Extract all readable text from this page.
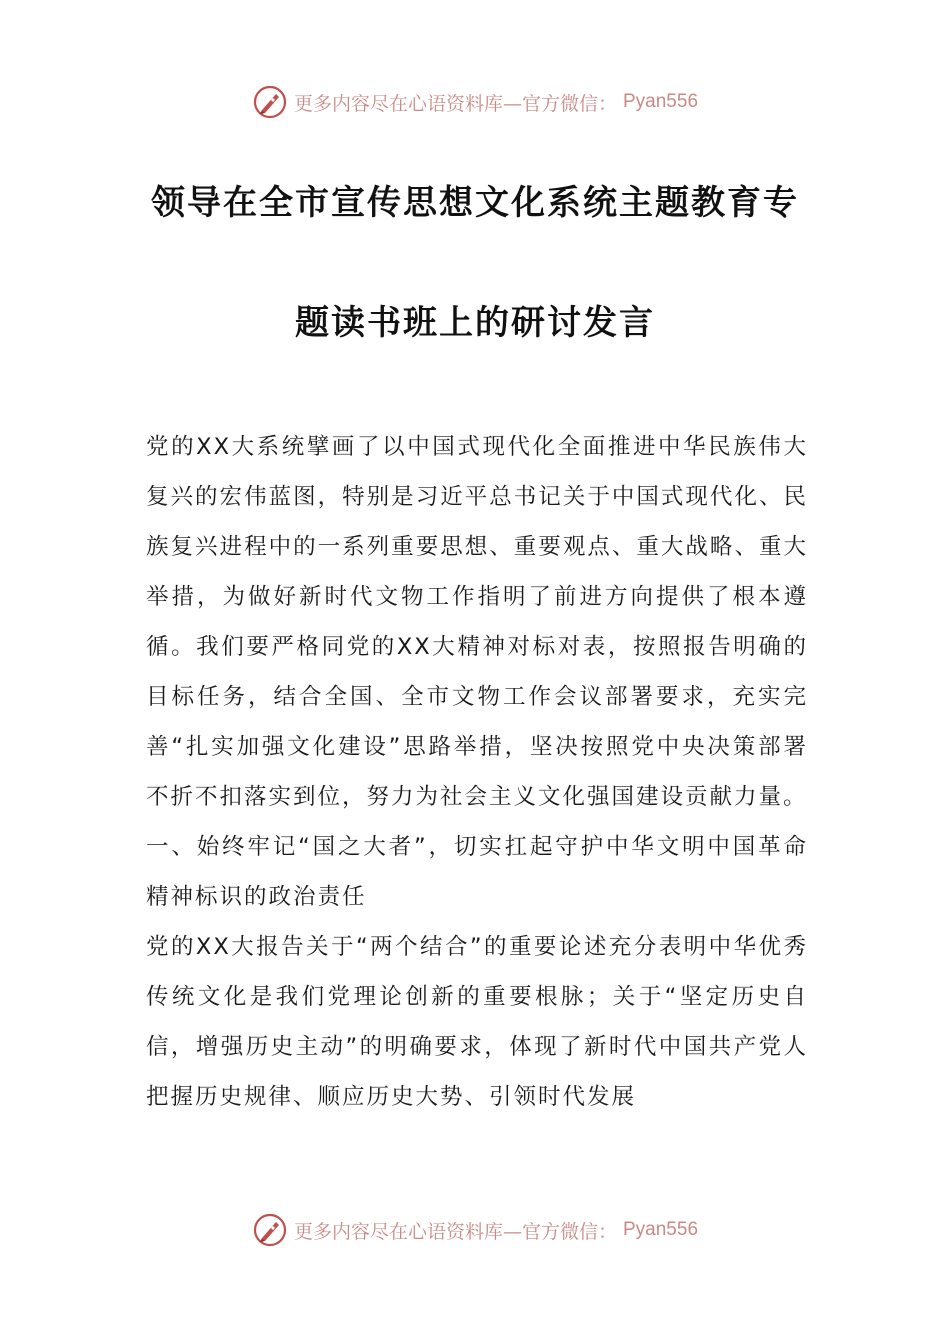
更多内容尽在心语资料库—官方微信： Pyan556
领导在全市宣传思想文化系统主题教育专
题读书班上的研讨发言

党的XX大系统擘画了以中国式现代化全面推进中华民族伟大复兴的宏伟蓝图，特别是习近平总书记关于中国式现代化、民族复兴进程中的一系列重要思想、重要观点、重大战略、重大举措，为做好新时代文物工作指明了前进方向提供了根本遵循。我们要严格同党的XX大精神对标对表，按照报告明确的目标任务，结合全国、全市文物工作会议部署要求，充实完善“扎实加强文化建设”思路举措，坚决按照党中央决策部署不折不扣落实到位，努力为社会主义文化强国建设贡献力量。

一、始终牢记“国之大者”，切实扛起守护中华文明中国革命精神标识的政治责任

党的XX大报告关于“两个结合”的重要论述充分表明中华优秀传统文化是我们党理论创新的重要根脉；关于“坚定历史自信，增强历史主动”的明确要求，体现了新时代中国共产党人把握历史规律、顺应历史大势、引领时代发展

更多内容尽在心语资料库—官方微信： Pyan556
